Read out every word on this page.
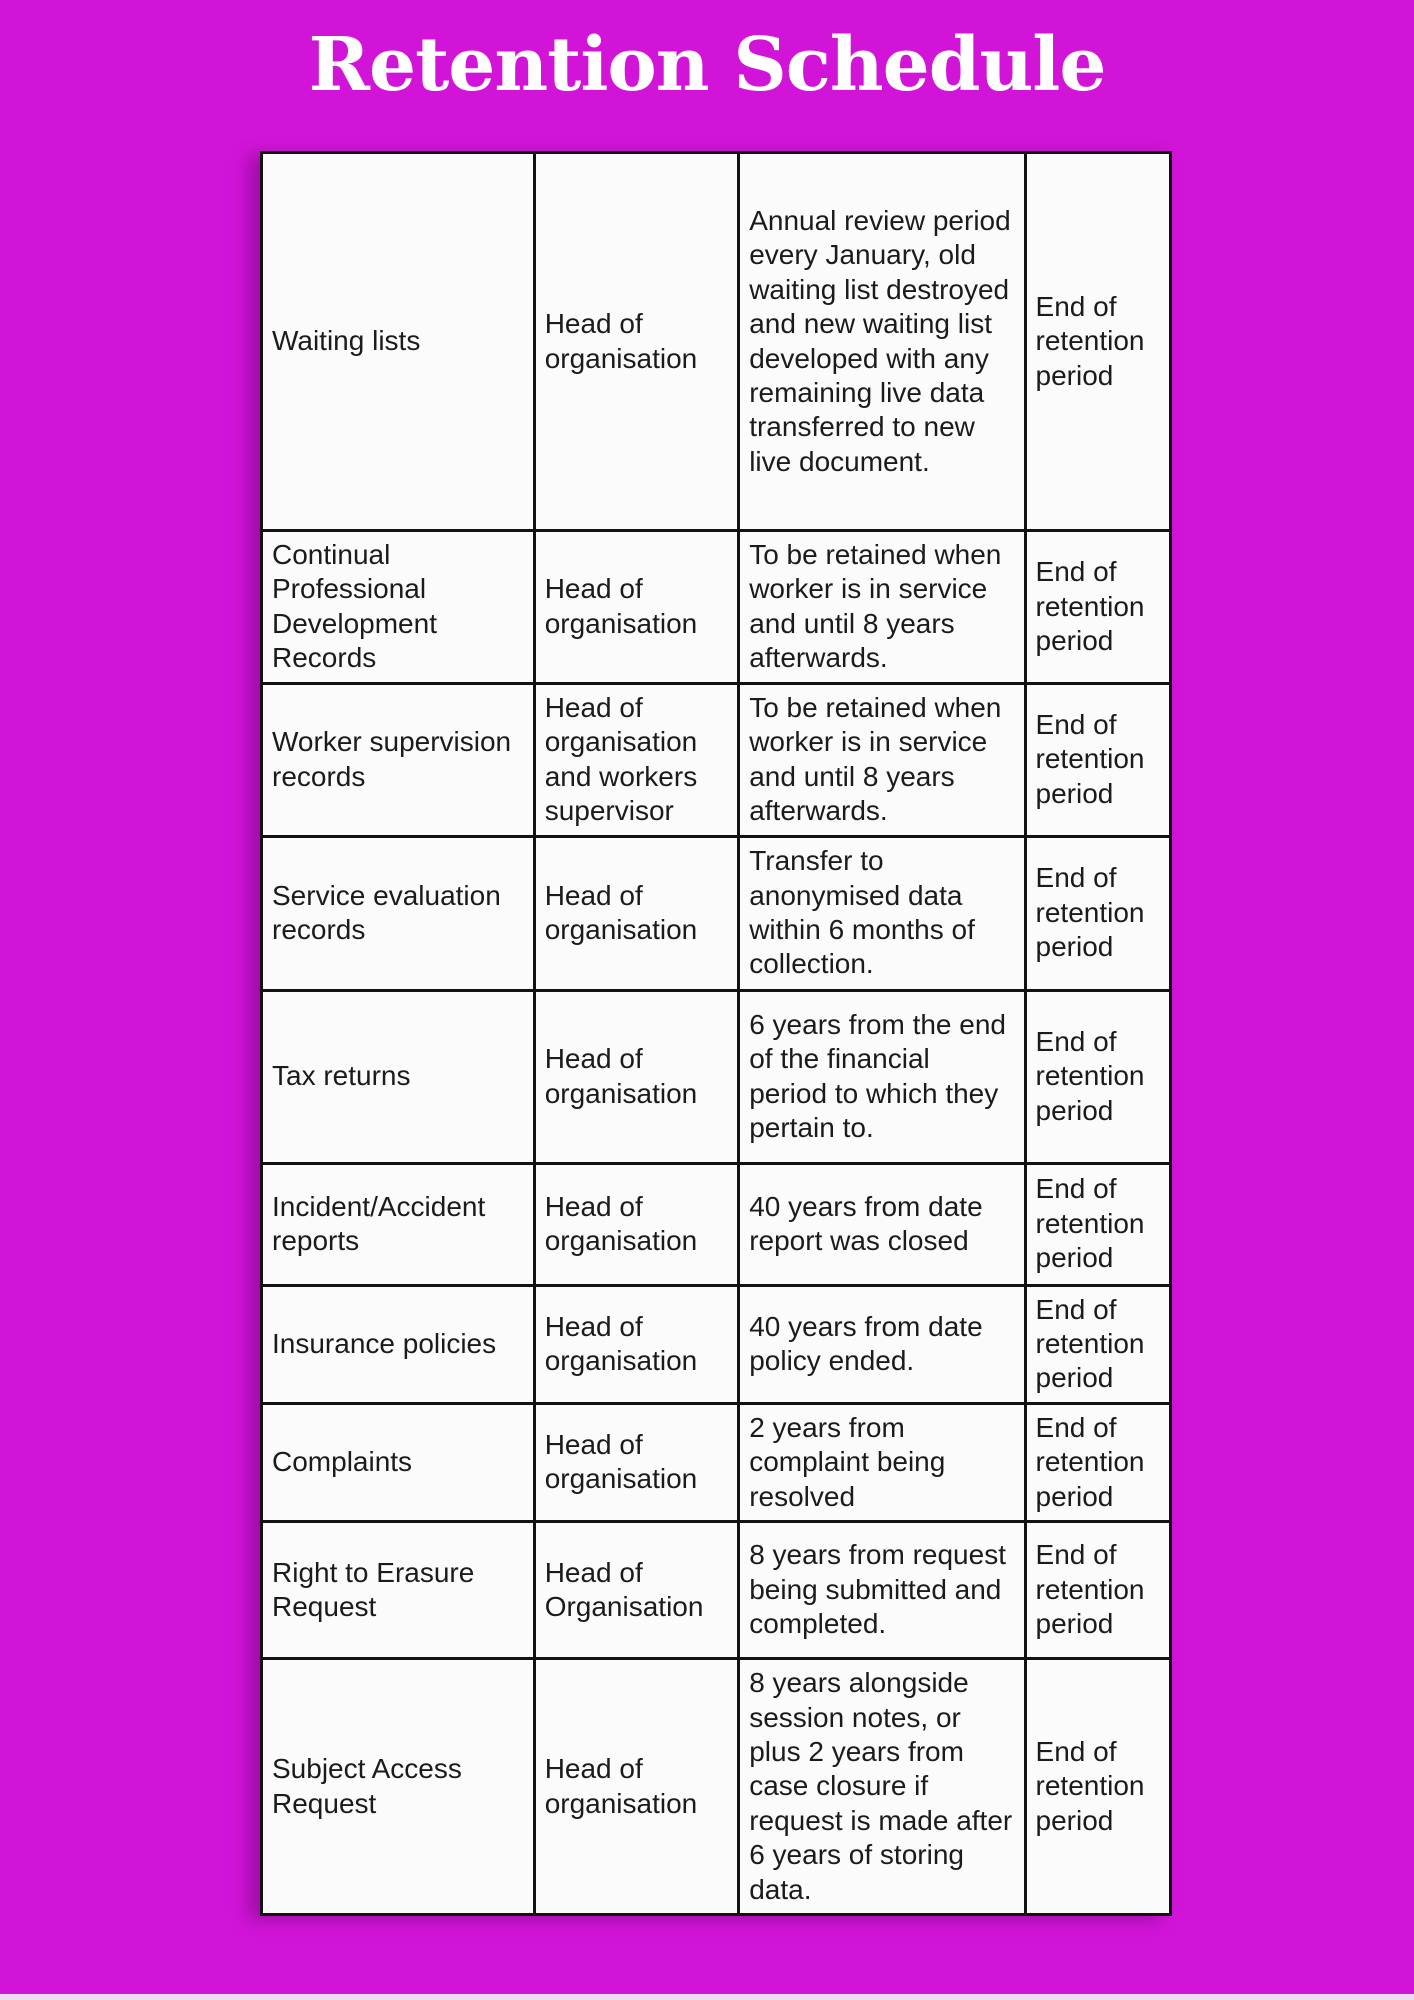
Retention Schedule
Waiting lists	Head of organisation	Annual review period every January, old waiting list destroyed and new waiting list developed with any remaining live data transferred to new live document.	End of retention period
Continual Professional Development Records	Head of organisation	To be retained when worker is in service and until 8 years afterwards.	End of retention period
Worker supervision records	Head of organisation and workers supervisor	To be retained when worker is in service and until 8 years afterwards.	End of retention period
Service evaluation records	Head of organisation	Transfer to anonymised data within 6 months of collection.	End of retention period
Tax returns	Head of organisation	6 years from the end of the financial period to which they pertain to.	End of retention period
Incident/Accident reports	Head of organisation	40 years from date report was closed	End of retention period
Insurance policies	Head of organisation	40 years from date policy ended.	End of retention period
Complaints	Head of organisation	2 years from complaint being resolved	End of retention period
Right to Erasure Request	Head of Organisation	8 years from request being submitted and completed.	End of retention period
Subject Access Request	Head of organisation	8 years alongside session notes, or plus 2 years from case closure if request is made after 6 years of storing data.	End of retention period
